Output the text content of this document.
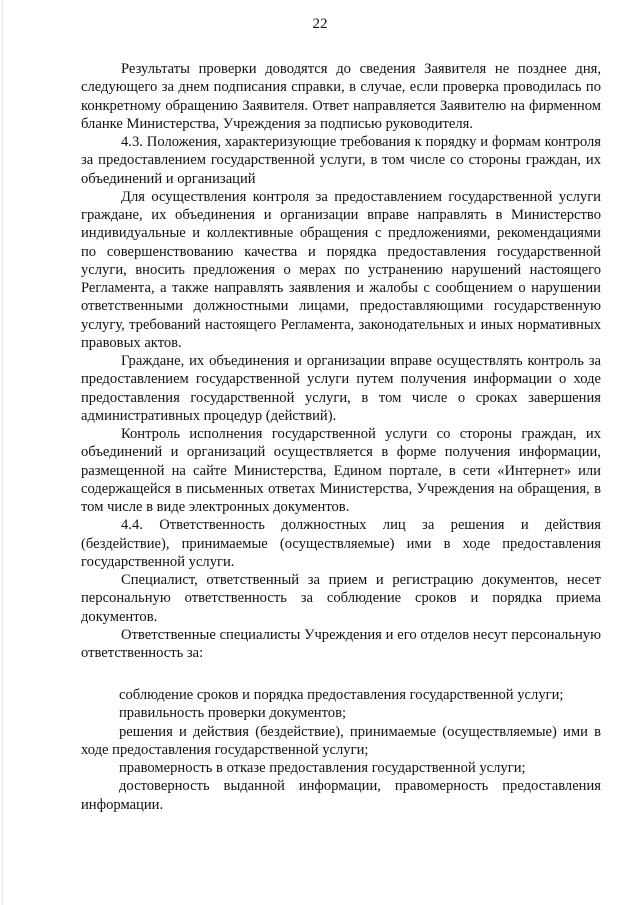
22

Результаты проверки доводятся до сведения Заявителя не позднее дня, следующего за днем подписания справки, в случае, если проверка проводилась по конкретному обращению Заявителя. Ответ направляется Заявителю на фирменном бланке Министерства, Учреждения за подписью руководителя.

4.3. Положения, характеризующие требования к порядку и формам контроля за предоставлением государственной услуги, в том числе со стороны граждан, их объединений и организаций

Для осуществления контроля за предоставлением государственной услуги граждане, их объединения и организации вправе направлять в Министерство индивидуальные и коллективные обращения с предложениями, рекомендациями по совершенствованию качества и порядка предоставления государственной услуги, вносить предложения о мерах по устранению нарушений настоящего Регламента, а также направлять заявления и жалобы с сообщением о нарушении ответственными должностными лицами, предоставляющими государственную услугу, требований настоящего Регламента, законодательных и иных нормативных правовых актов.

Граждане, их объединения и организации вправе осуществлять контроль за предоставлением государственной услуги путем получения информации о ходе предоставления государственной услуги, в том числе о сроках завершения административных процедур (действий).

Контроль исполнения государственной услуги со стороны граждан, их объединений и организаций осуществляется в форме получения информации, размещенной на сайте Министерства, Едином портале, в сети «Интернет» или содержащейся в письменных ответах Министерства, Учреждения на обращения, в том числе в виде электронных документов.

4.4. Ответственность должностных лиц за решения и действия (бездействие), принимаемые (осуществляемые) ими в ходе предоставления государственной услуги.

Специалист, ответственный за прием и регистрацию документов, несет персональную ответственность за соблюдение сроков и порядка приема документов.

Ответственные специалисты Учреждения и его отделов несут персональную ответственность за:

соблюдение сроков и порядка предоставления государственной услуги;

правильность проверки документов;

решения и действия (бездействие), принимаемые (осуществляемые) ими в ходе предоставления государственной услуги;

правомерность в отказе предоставления государственной услуги;

достоверность выданной информации, правомерность предоставления информации.
